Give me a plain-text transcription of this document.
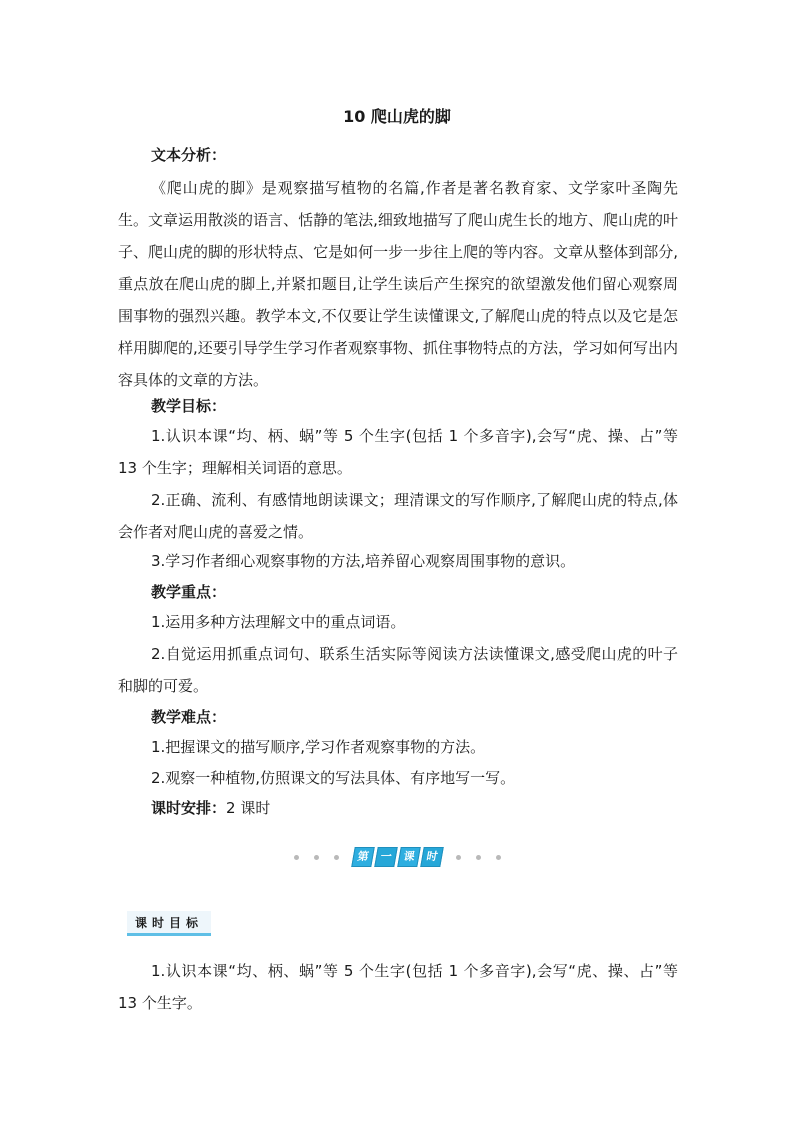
10 爬山虎的脚
文本分析：
《爬山虎的脚》是观察描写植物的名篇,作者是著名教育家、文学家叶圣陶先生。文章运用散淡的语言、恬静的笔法,细致地描写了爬山虎生长的地方、爬山虎的叶子、爬山虎的脚的形状特点、它是如何一步一步往上爬的等内容。文章从整体到部分,重点放在爬山虎的脚上,并紧扣题目,让学生读后产生探究的欲望激发他们留心观察周围事物的强烈兴趣。教学本文,不仅要让学生读懂课文,了解爬山虎的特点以及它是怎样用脚爬的,还要引导学生学习作者观察事物、抓住事物特点的方法，学习如何写出内容具体的文章的方法。
教学目标：
1.认识本课“均、柄、蜗”等 5 个生字(包括 1 个多音字),会写“虎、操、占”等 13 个生字；理解相关词语的意思。
2.正确、流利、有感情地朗读课文；理清课文的写作顺序,了解爬山虎的特点,体会作者对爬山虎的喜爱之情。
3.学习作者细心观察事物的方法,培养留心观察周围事物的意识。
教学重点：
1.运用多种方法理解文中的重点词语。
2.自觉运用抓重点词句、联系生活实际等阅读方法读懂课文,感受爬山虎的叶子和脚的可爱。
教学难点：
1.把握课文的描写顺序,学习作者观察事物的方法。
2.观察一种植物,仿照课文的写法具体、有序地写一写。
课时安排：2 课时
第 一 课 时
课时目标
1.认识本课“均、柄、蜗”等 5 个生字(包括 1 个多音字),会写“虎、操、占”等 13 个生字。
